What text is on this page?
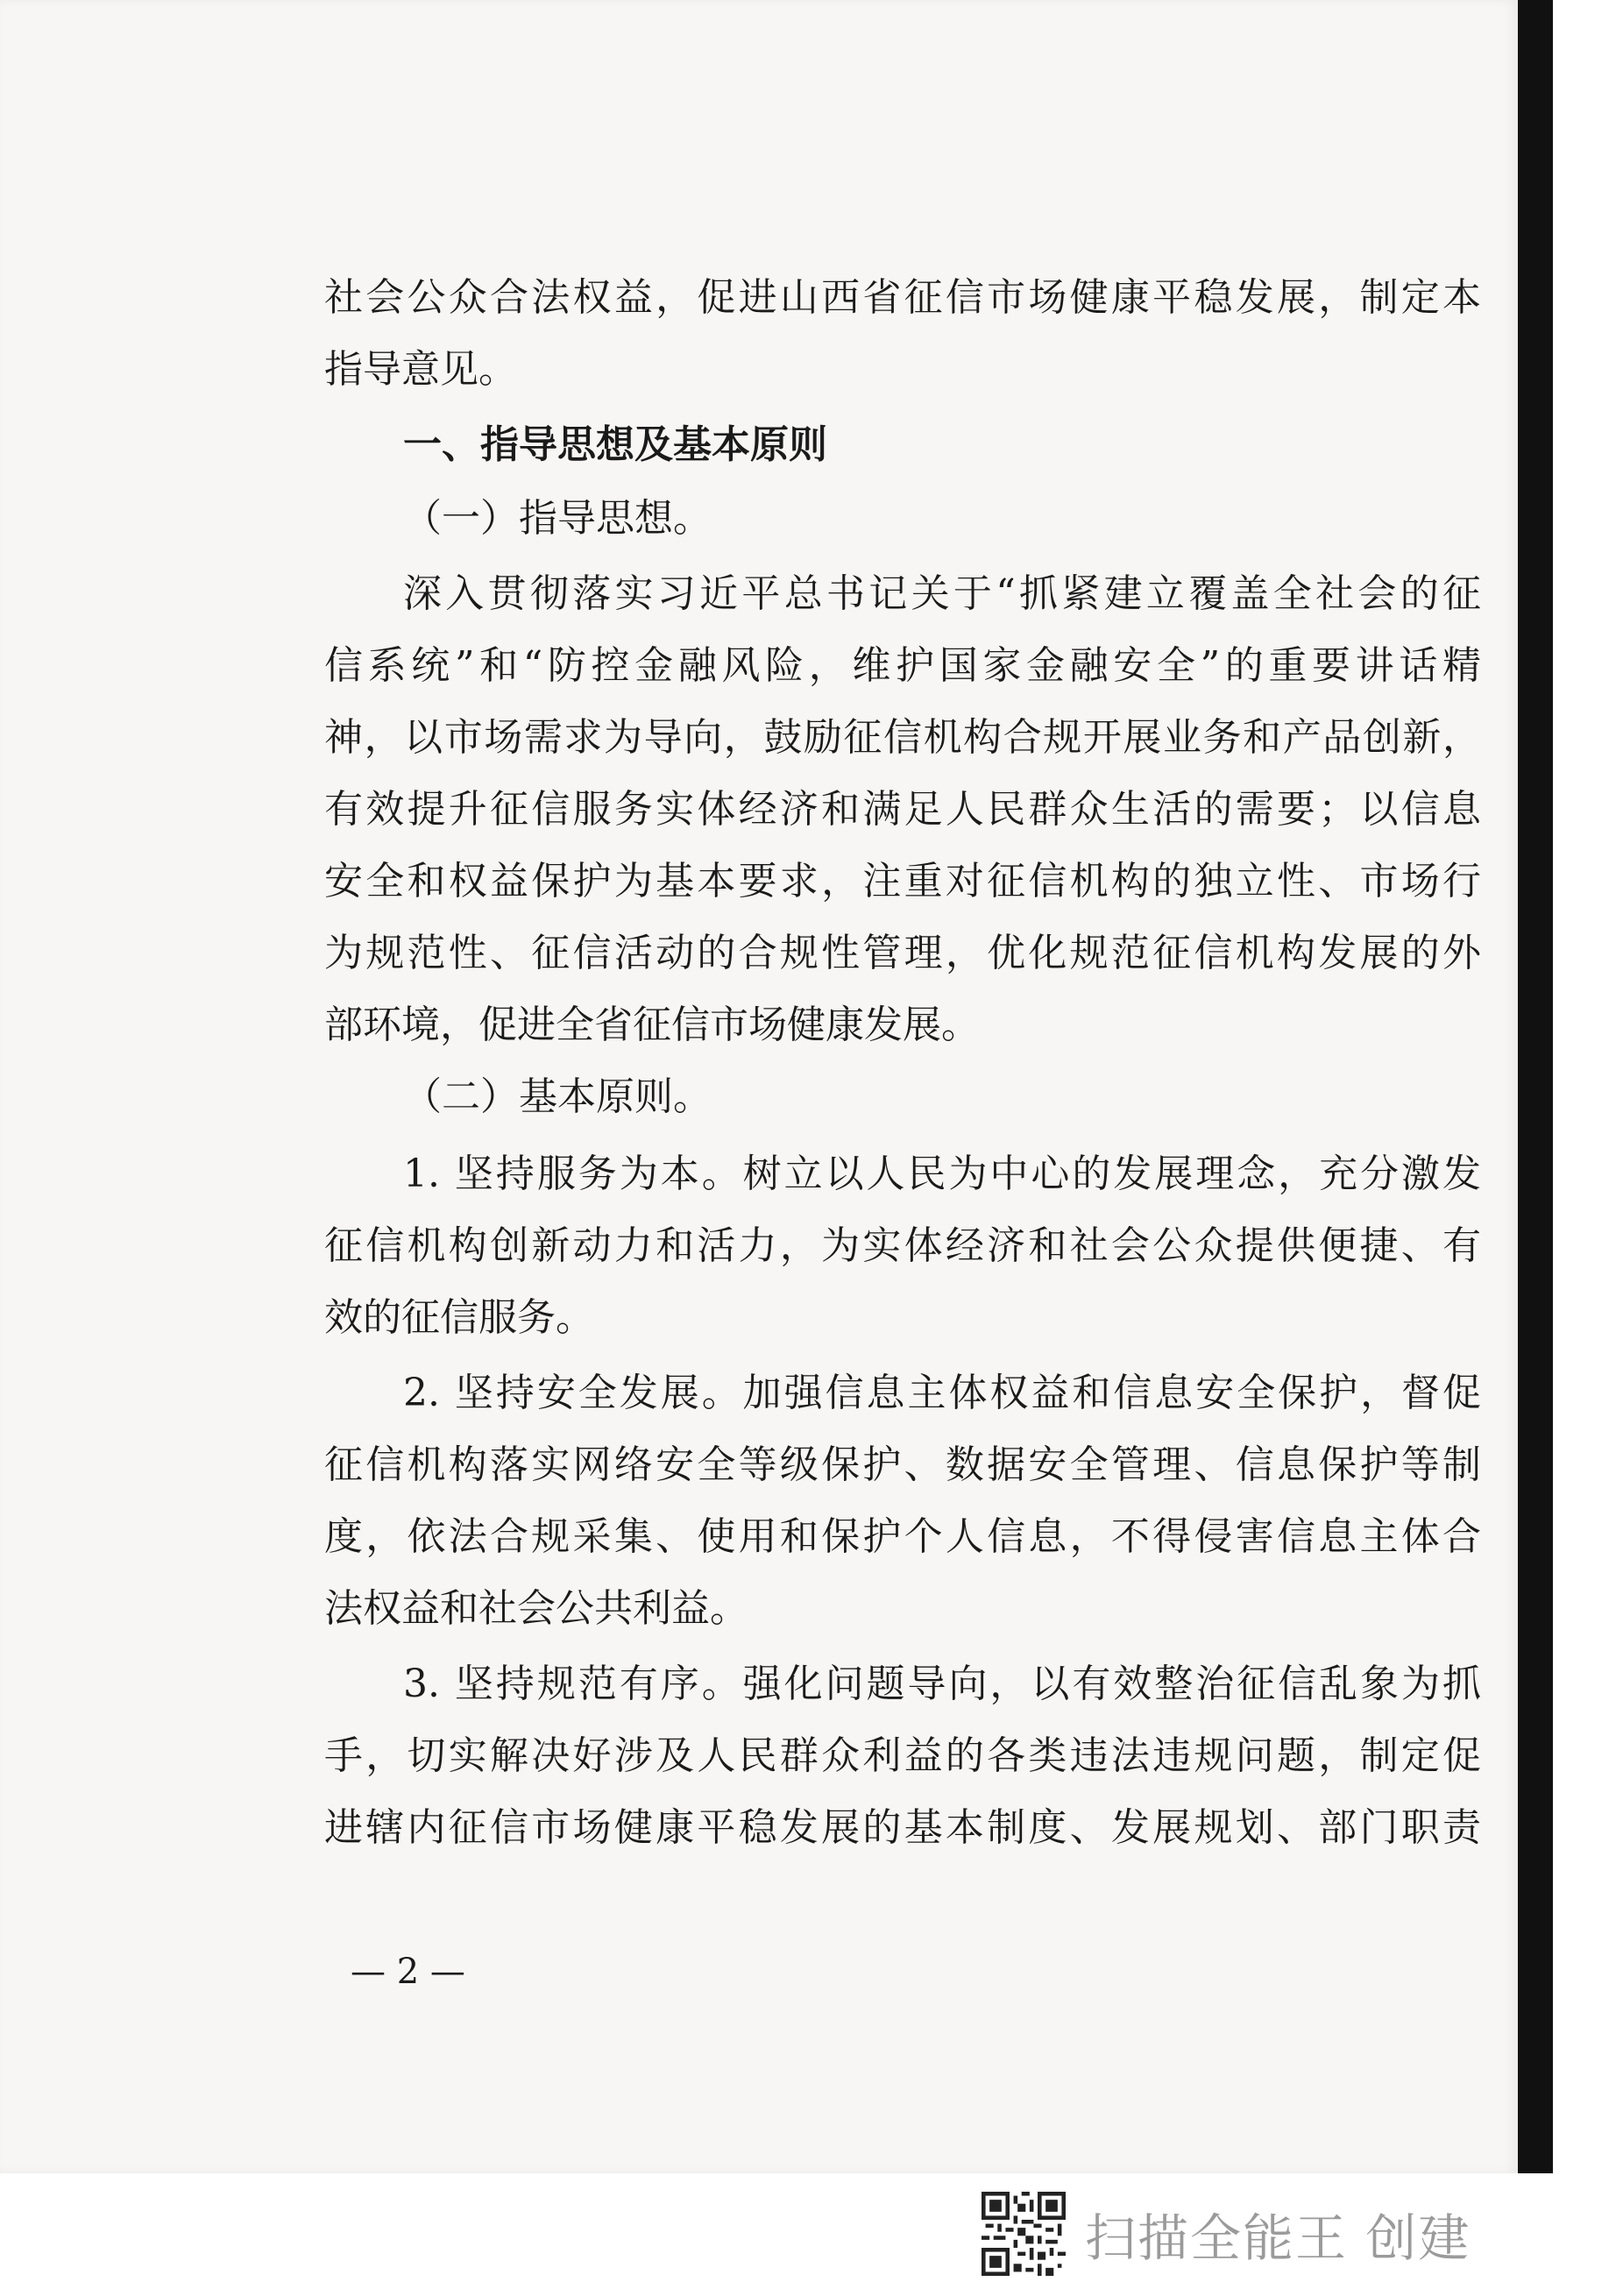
社会公众合法权益，促进山西省征信市场健康平稳发展，制定本
指导意见。
一、指导思想及基本原则
（一）指导思想。
深入贯彻落实习近平总书记关于“抓紧建立覆盖全社会的征
信系统”和“防控金融风险，维护国家金融安全”的重要讲话精
神，以市场需求为导向，鼓励征信机构合规开展业务和产品创新，
有效提升征信服务实体经济和满足人民群众生活的需要；以信息
安全和权益保护为基本要求，注重对征信机构的独立性、市场行
为规范性、征信活动的合规性管理，优化规范征信机构发展的外
部环境，促进全省征信市场健康发展。
（二）基本原则。
1. 坚持服务为本。树立以人民为中心的发展理念，充分激发
征信机构创新动力和活力，为实体经济和社会公众提供便捷、有
效的征信服务。
2. 坚持安全发展。加强信息主体权益和信息安全保护，督促
征信机构落实网络安全等级保护、数据安全管理、信息保护等制
度，依法合规采集、使用和保护个人信息，不得侵害信息主体合
法权益和社会公共利益。
3. 坚持规范有序。强化问题导向，以有效整治征信乱象为抓
手，切实解决好涉及人民群众利益的各类违法违规问题，制定促
进辖内征信市场健康平稳发展的基本制度、发展规划、部门职责
— 2 —
扫描全能王 创建
